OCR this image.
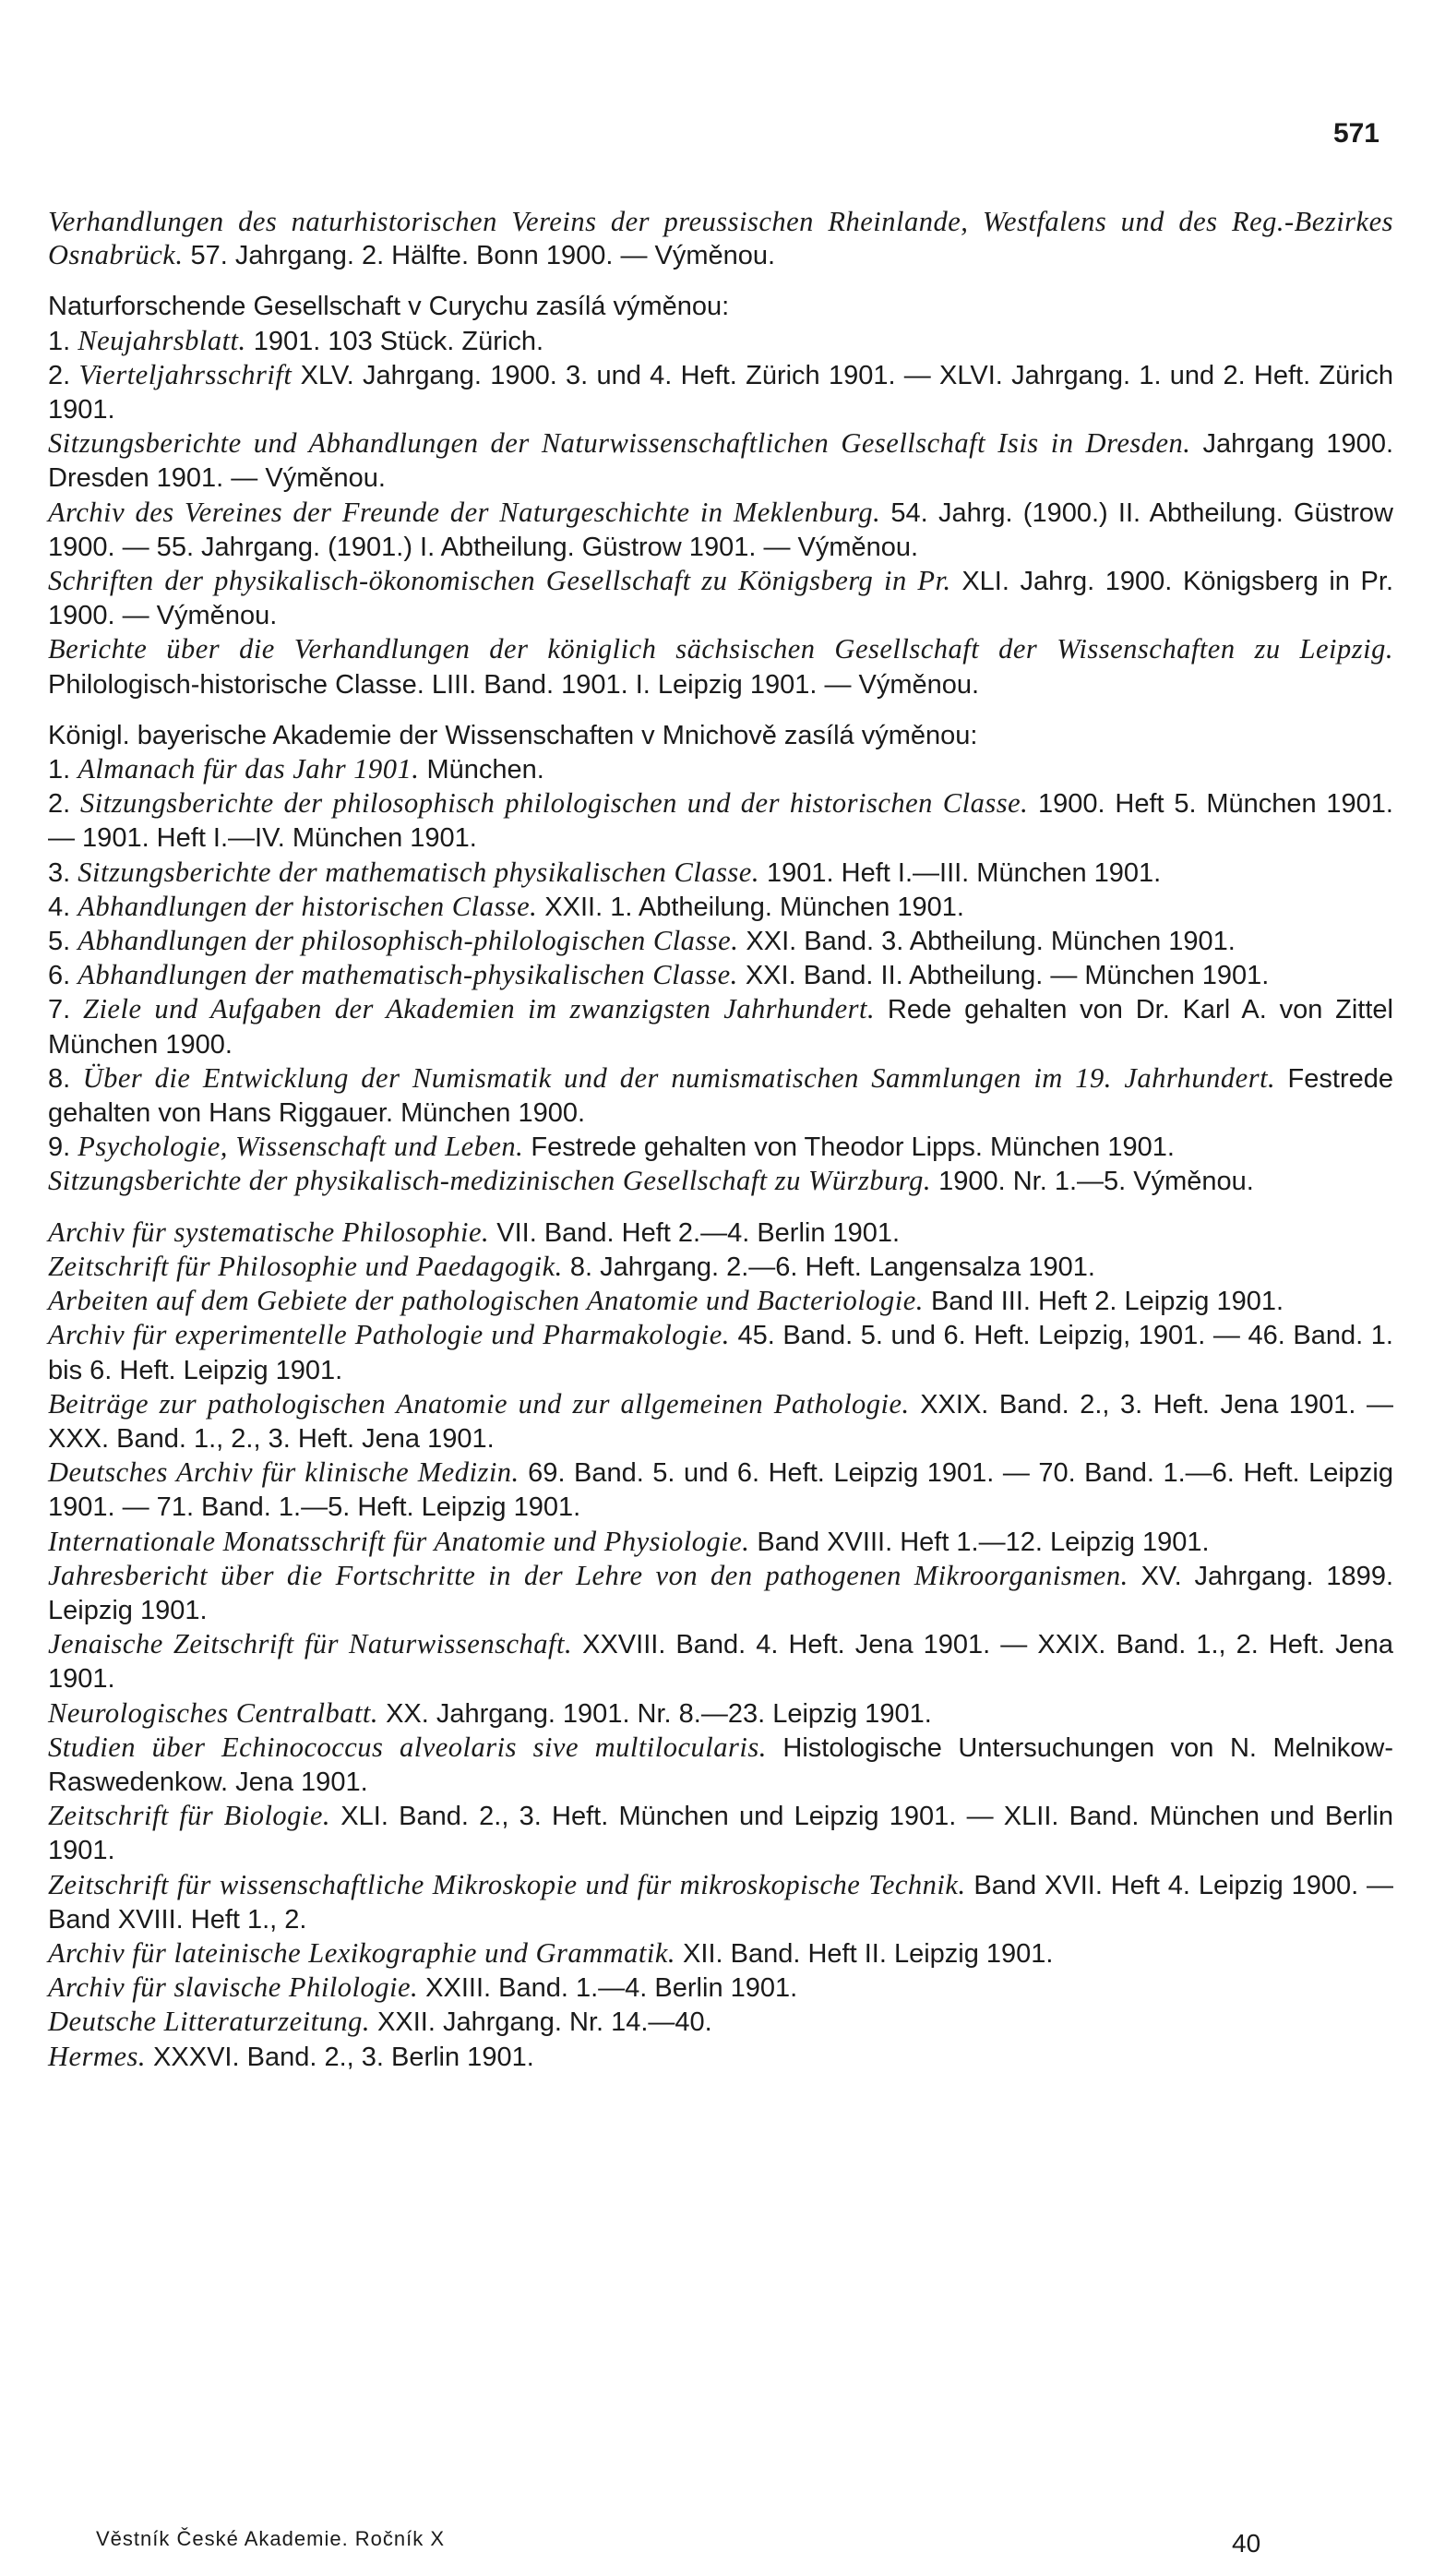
571

Verhandlungen des naturhistorischen Vereins der preussischen Rheinlande, Westfalens und des Reg.-Bezirkes Osnabrück. 57. Jahrgang. 2. Hälfte. Bonn 1900. — Výměnou.

Naturforschende Gesellschaft v Curychu zasílá výměnou:

1. Neujahrsblatt. 1901. 103 Stück. Zürich.

2. Vierteljahrsschrift XLV. Jahrgang. 1900. 3. und 4. Heft. Zürich 1901. — XLVI. Jahrgang. 1. und 2. Heft. Zürich 1901.

Sitzungsberichte und Abhandlungen der Naturwissenschaftlichen Gesellschaft Isis in Dresden. Jahrgang 1900. Dresden 1901. — Výměnou.

Archiv des Vereines der Freunde der Naturgeschichte in Meklenburg. 54. Jahrg. (1900.) II. Abtheilung. Güstrow 1900. — 55. Jahrgang. (1901.) I. Abtheilung. Güstrow 1901. — Výměnou.

Schriften der physikalisch-ökonomischen Gesellschaft zu Königsberg in Pr. XLI. Jahrg. 1900. Königsberg in Pr. 1900. — Výměnou.

Berichte über die Verhandlungen der königlich sächsischen Gesellschaft der Wissenschaften zu Leipzig. Philologisch-historische Classe. LIII. Band. 1901. I. Leipzig 1901. — Výměnou.

Königl. bayerische Akademie der Wissenschaften v Mnichově zasílá výměnou:

1. Almanach für das Jahr 1901. München.

2. Sitzungsberichte der philosophisch philologischen und der historischen Classe. 1900. Heft 5. München 1901. — 1901. Heft I.—IV. München 1901.

3. Sitzungsberichte der mathematisch physikalischen Classe. 1901. Heft I.—III. München 1901.

4. Abhandlungen der historischen Classe. XXII. 1. Abtheilung. München 1901.

5. Abhandlungen der philosophisch-philologischen Classe. XXI. Band. 3. Abtheilung. München 1901.

6. Abhandlungen der mathematisch-physikalischen Classe. XXI. Band. II. Abtheilung. — München 1901.

7. Ziele und Aufgaben der Akademien im zwanzigsten Jahrhundert. Rede gehalten von Dr. Karl A. von Zittel München 1900.

8. Über die Entwicklung der Numismatik und der numismatischen Sammlungen im 19. Jahrhundert. Festrede gehalten von Hans Riggauer. München 1900.

9. Psychologie, Wissenschaft und Leben. Festrede gehalten von Theodor Lipps. München 1901.

Sitzungsberichte der physikalisch-medizinischen Gesellschaft zu Würzburg. 1900. Nr. 1.—5. Výměnou.

Archiv für systematische Philosophie. VII. Band. Heft 2.—4. Berlin 1901.

Zeitschrift für Philosophie und Paedagogik. 8. Jahrgang. 2.—6. Heft. Langensalza 1901.

Arbeiten auf dem Gebiete der pathologischen Anatomie und Bacteriologie. Band III. Heft 2. Leipzig 1901.

Archiv für experimentelle Pathologie und Pharmakologie. 45. Band. 5. und 6. Heft. Leipzig, 1901. — 46. Band. 1. bis 6. Heft. Leipzig 1901.

Beiträge zur pathologischen Anatomie und zur allgemeinen Pathologie. XXIX. Band. 2., 3. Heft. Jena 1901. — XXX. Band. 1., 2., 3. Heft. Jena 1901.

Deutsches Archiv für klinische Medizin. 69. Band. 5. und 6. Heft. Leipzig 1901. — 70. Band. 1.—6. Heft. Leipzig 1901. — 71. Band. 1.—5. Heft. Leipzig 1901.

Internationale Monatsschrift für Anatomie und Physiologie. Band XVIII. Heft 1.—12. Leipzig 1901.

Jahresbericht über die Fortschritte in der Lehre von den pathogenen Mikroorganismen. XV. Jahrgang. 1899. Leipzig 1901.

Jenaische Zeitschrift für Naturwissenschaft. XXVIII. Band. 4. Heft. Jena 1901. — XXIX. Band. 1., 2. Heft. Jena 1901.

Neurologisches Centralbatt. XX. Jahrgang. 1901. Nr. 8.—23. Leipzig 1901.

Studien über Echinococcus alveolaris sive multilocularis. Histologische Untersuchungen von N. Melnikow-Raswedenkow. Jena 1901.

Zeitschrift für Biologie. XLI. Band. 2., 3. Heft. München und Leipzig 1901. — XLII. Band. München und Berlin 1901.

Zeitschrift für wissenschaftliche Mikroskopie und für mikroskopische Technik. Band XVII. Heft 4. Leipzig 1900. — Band XVIII. Heft 1., 2.

Archiv für lateinische Lexikographie und Grammatik. XII. Band. Heft II. Leipzig 1901.

Archiv für slavische Philologie. XXIII. Band. 1.—4. Berlin 1901.

Deutsche Litteraturzeitung. XXII. Jahrgang. Nr. 14.—40.

Hermes. XXXVI. Band. 2., 3. Berlin 1901.

Věstník České Akademie. Ročník X	40
